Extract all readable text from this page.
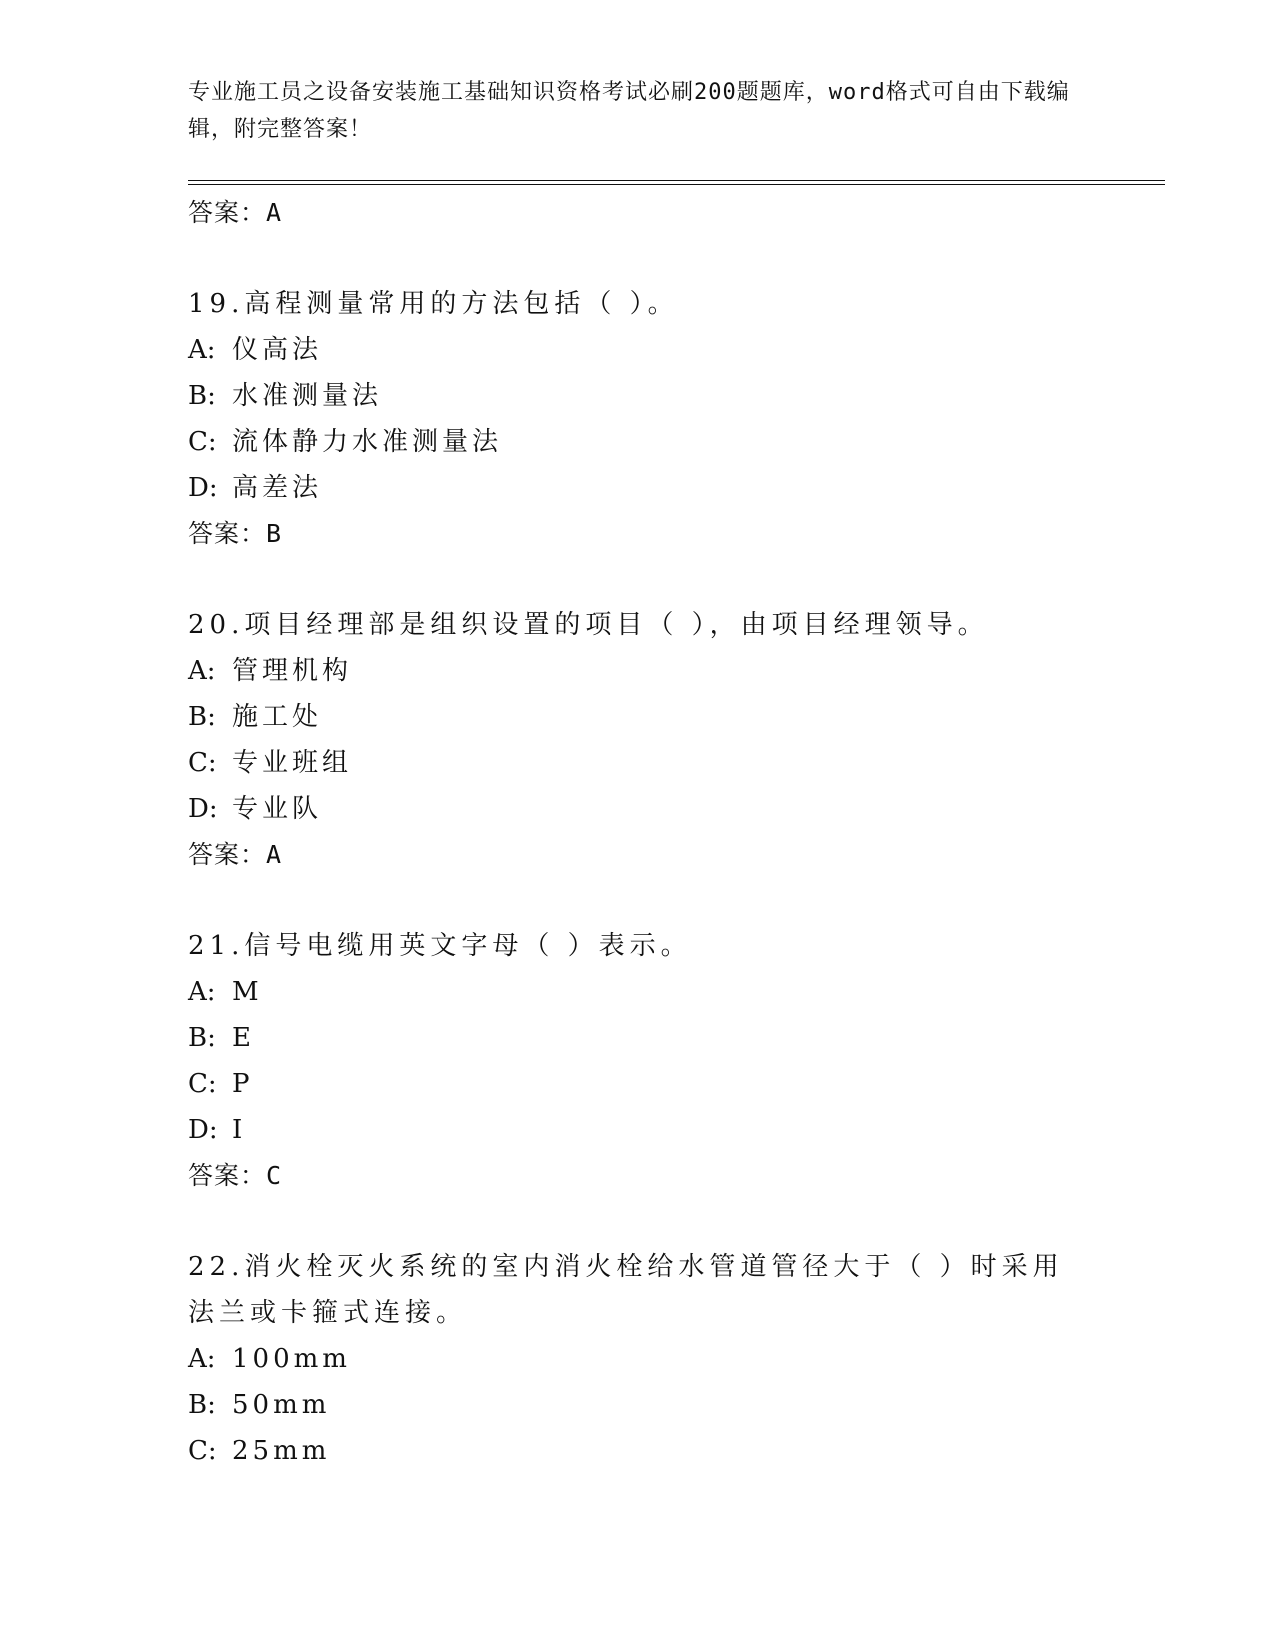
专业施工员之设备安装施工基础知识资格考试必刷200题题库，word格式可自由下载编辑，附完整答案！
答案：A
19.高程测量常用的方法包括（ ）。
A: 仪高法
B: 水准测量法
C: 流体静力水准测量法
D: 高差法
答案：B
20.项目经理部是组织设置的项目（ ），由项目经理领导。
A: 管理机构
B: 施工处
C: 专业班组
D: 专业队
答案：A
21.信号电缆用英文字母（ ）表示。
A: M
B: E
C: P
D: I
答案：C
22.消火栓灭火系统的室内消火栓给水管道管径大于（ ）时采用法兰或卡箍式连接。
A: 100mm
B: 50mm
C: 25mm
